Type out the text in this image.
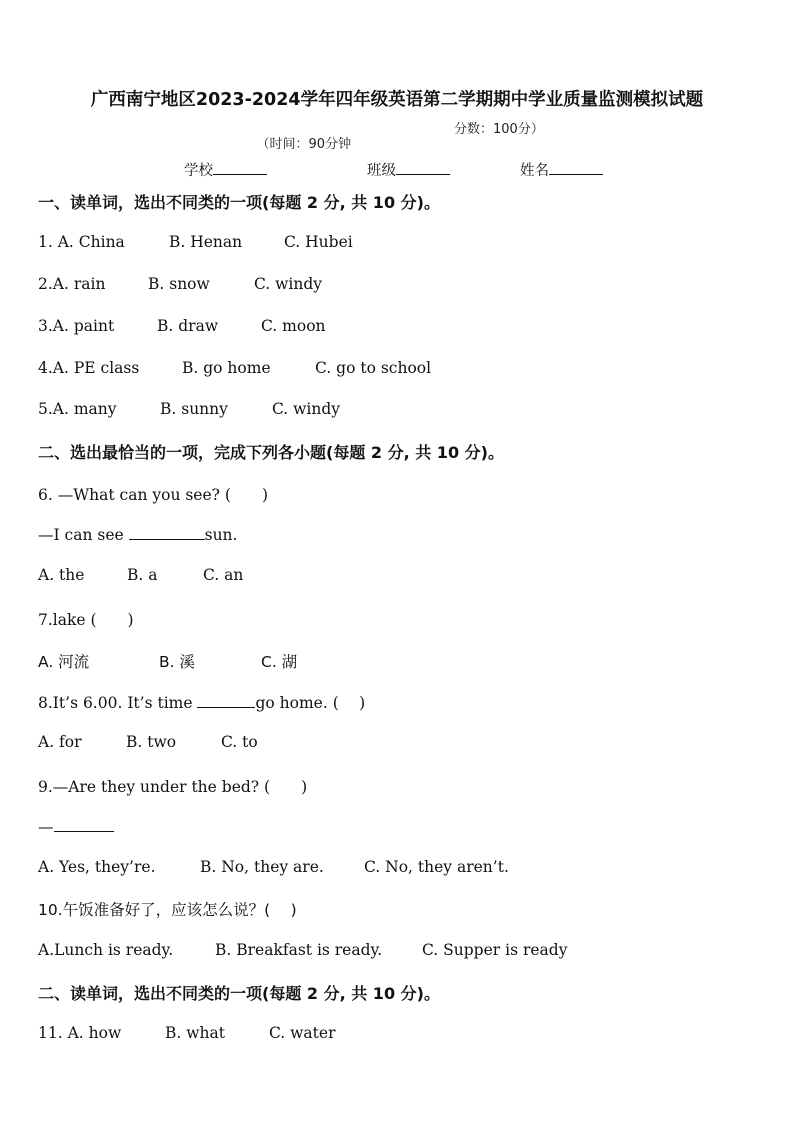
广西南宁地区2023-2024学年四年级英语第二学期期中学业质量监测模拟试题

（时间：90分钟

分数：100分）

学校	班级	姓名
一、读单词，选出不同类的一项(每题 2 分, 共 10 分)。
1. A. China	B. Henan	C. Hubei
2.A. rain	B. snow	C. windy
3.A. paint	B. draw	C. moon
4.A. PE class	B. go home	C. go to school
5.A. many	B. sunny	C. windy
二、选出最恰当的一项，完成下列各小题(每题 2 分, 共 10 分)。
6. —What can you see? (　　)
—I can see	sun.
A. the	B. a	C. an
7.lake (　　)
A. 河流	B. 溪	C. 湖
8.It’s 6.00. It’s time	go home. (　 )
A. for	B. two	C. to
9.—Are they under the bed? (　　)
—
A. Yes, they’re.	B. No, they are.	C. No, they aren’t.
10.午饭准备好了，应该怎么说？(　 )
A.Lunch is ready.	B. Breakfast is ready.	C. Supper is ready
二、读单词，选出不同类的一项(每题 2 分, 共 10 分)。
11. A. how	B. what	C. water
